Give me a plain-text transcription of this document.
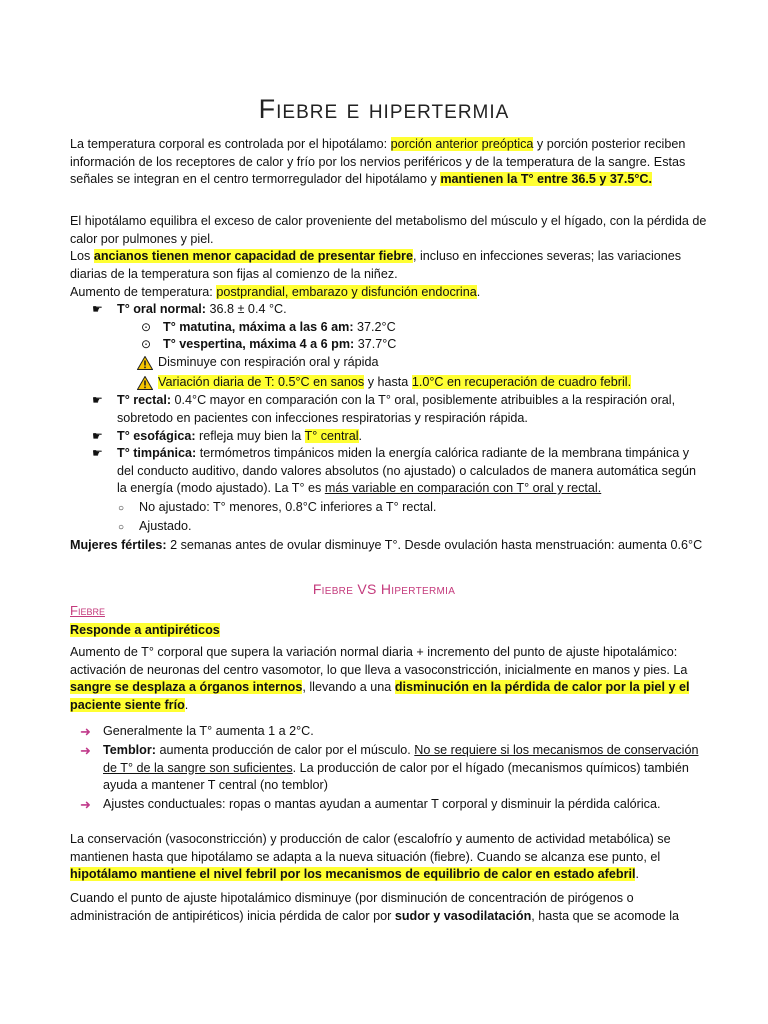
Fiebre e hipertermia

La temperatura corporal es controlada por el hipotálamo: porción anterior preóptica y porción posterior reciben información de los receptores de calor y frío por los nervios periféricos y de la temperatura de la sangre. Estas señales se integran en el centro termorregulador del hipotálamo y mantienen la T° entre 36.5 y 37.5°C.

El hipotálamo equilibra el exceso de calor proveniente del metabolismo del músculo y el hígado, con la pérdida de calor por pulmones y piel.

Los ancianos tienen menor capacidad de presentar fiebre, incluso en infecciones severas; las variaciones diarias de la temperatura son fijas al comienzo de la niñez.

Aumento de temperatura: postprandial, embarazo y disfunción endocrina.

☛ T° oral normal: 36.8 ± 0.4 °C.
⊙ T° matutina, máxima a las 6 am: 37.2°C
⊙ T° vespertina, máxima 4 a 6 pm: 37.7°C
Disminuye con respiración oral y rápida
Variación diaria de T: 0.5°C en sanos y hasta 1.0°C en recuperación de cuadro febril.
☛ T° rectal: 0.4°C mayor en comparación con la T° oral, posiblemente atribuibles a la respiración oral, sobretodo en pacientes con infecciones respiratorias y respiración rápida.

☛ T° esofágica: refleja muy bien la T° central.
☛ T° timpánica: termómetros timpánicos miden la energía calórica radiante de la membrana timpánica y del conducto auditivo, dando valores absolutos (no ajustado) o calculados de manera automática según la energía (modo ajustado). La T° es más variable en comparación con T° oral y rectal.

○ No ajustado: T° menores, 0.8°C inferiores a T° rectal.
○ Ajustado.
Mujeres fértiles: 2 semanas antes de ovular disminuye T°. Desde ovulación hasta menstruación: aumenta 0.6°C
Fiebre VS Hipertermia
Fiebre
Responde a antipiréticos

Aumento de T° corporal que supera la variación normal diaria + incremento del punto de ajuste hipotalámico: activación de neuronas del centro vasomotor, lo que lleva a vasoconstricción, inicialmente en manos y pies. La sangre se desplaza a órganos internos, llevando a una disminución en la pérdida de calor por la piel y el paciente siente frío.

➜ Generalmente la T° aumenta 1 a 2°C.
➜ Temblor: aumenta producción de calor por el músculo. No se requiere si los mecanismos de conservación de T° de la sangre son suficientes. La producción de calor por el hígado (mecanismos químicos) también ayuda a mantener T central (no temblor)

➜ Ajustes conductuales: ropas o mantas ayudan a aumentar T corporal y disminuir la pérdida calórica.

La conservación (vasoconstricción) y producción de calor (escalofrío y aumento de actividad metabólica) se mantienen hasta que hipotálamo se adapta a la nueva situación (fiebre). Cuando se alcanza ese punto, el hipotálamo mantiene el nivel febril por los mecanismos de equilibrio de calor en estado afebril.

Cuando el punto de ajuste hipotalámico disminuye (por disminución de concentración de pirógenos o administración de antipiréticos) inicia pérdida de calor por sudor y vasodilatación, hasta que se acomode la
